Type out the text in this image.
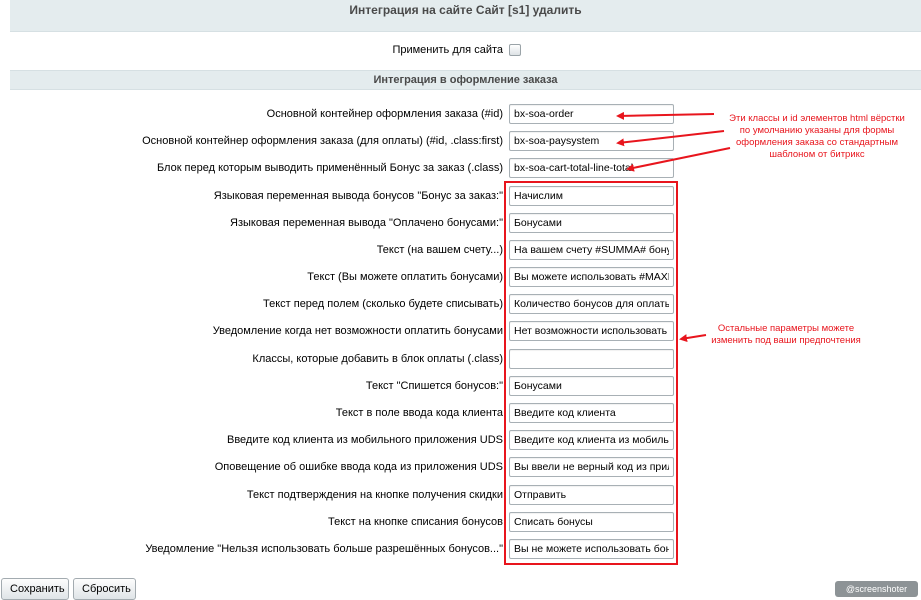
Интеграция на сайте Сайт [s1] удалить
Применить для сайта
Интеграция в оформление заказа
Основной контейнер оформления заказа (#id)
bx-soa-order
Основной контейнер оформления заказа (для оплаты) (#id, .class:first)
bx-soa-paysystem
Блок перед которым выводить применённый Бонус за заказ (.class)
bx-soa-cart-total-line-total
Языковая переменная вывода бонусов "Бонус за заказ:"
Начислим
Языковая переменная вывода "Оплачено бонусами:"
Бонусами
Текст (на вашем счету...)
На вашем счету #SUMMA# бонусов
Текст (Вы можете оплатить бонусами)
Вы можете использовать #MAXPAY#
Текст перед полем (сколько будете списывать)
Количество бонусов для оплаты
Уведомление когда нет возможности оплатить бонусами
Нет возможности использовать бону
Классы, которые добавить в блок оплаты (.class)
Текст "Спишется бонусов:"
Бонусами
Текст в поле ввода кода клиента
Введите код клиента
Введите код клиента из мобильного приложения UDS
Введите код клиента из мобильного
Оповещение об ошибке ввода кода из приложения UDS
Вы ввели не верный код из приложе
Текст подтверждения на кнопке получения скидки
Отправить
Текст на кнопке списания бонусов
Списать бонусы
Уведомление "Нельзя использовать больше разрешённых бонусов..."
Вы не можете использовать бонусы б
Эти классы и id элементов html вёрстки по умолчанию указаны для формы оформления заказа со стандартным шаблоном от битрикс
Остальные параметры можете изменить под ваши предпочтения
Сохранить	Сбросить	@screenshoter
